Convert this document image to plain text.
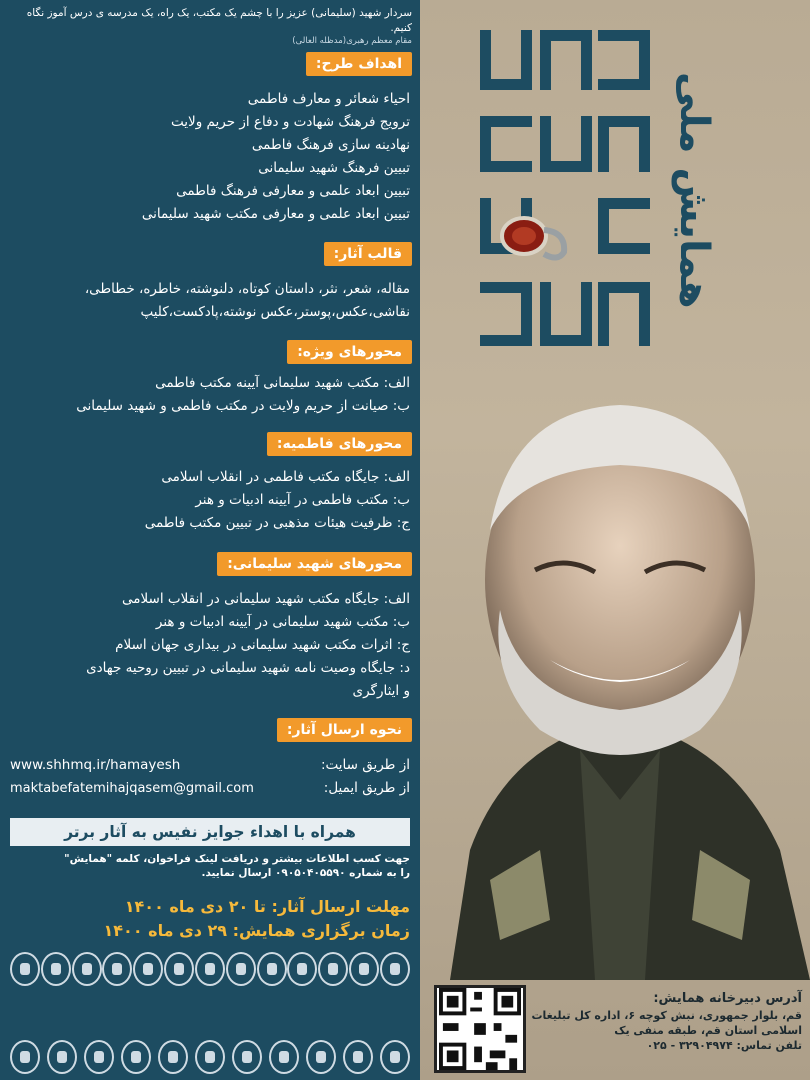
سردار شهید (سلیمانی) عزیز را با چشم یک مکتب، یک راه، یک مدرسه ی درس آموز نگاه کنیم.
مقام معظم رهبری(مدظله العالی)
اهداف طرح:
احیاء شعائر و معارف فاطمی
ترویج فرهنگ شهادت و دفاع از حریم ولایت
نهادینه سازی فرهنگ فاطمی
تبیین فرهنگ شهید سلیمانی
تبیین ابعاد علمی و معارفی فرهنگ فاطمی
تبیین ابعاد علمی و معارفی مکتب شهید سلیمانی
قالب آثار:
مقاله، شعر، نثر، داستان کوتاه، دلنوشته، خاطره، خطاطی،
نقاشی،عکس،پوستر،عکس نوشته،پادکست،کلیپ
محورهای ویژه:
الف: مکتب شهید سلیمانی آیینه مکتب فاطمی
ب: صیانت از حریم ولایت در مکتب فاطمی و شهید سلیمانی
محورهای فاطمیه:
الف: جایگاه مکتب فاطمی در انقلاب اسلامی
ب: مکتب فاطمی در آیینه ادبیات و هنر
ج: ظرفیت هیئات مذهبی در تبیین مکتب فاطمی
محورهای شهید سلیمانی:
الف: جایگاه مکتب شهید سلیمانی در انقلاب اسلامی
ب: مکتب شهید سلیمانی در آیینه ادبیات و هنر
ج: اثرات مکتب شهید سلیمانی در بیداری جهان اسلام
د: جایگاه وصیت نامه شهید سلیمانی در تبیین روحیه جهادی
و ایثارگری
نحوه ارسال آثار:
از طریق سایت:
www.shhmq.ir/hamayesh
از طریق ایمیل:
maktabefatemihajqasem@gmail.com
همراه با اهداء جوایز نفیس به آثار برتر
جهت کسب اطلاعات بیشتر و دریافت لینک فراخوان، کلمه "همایش"
را به شماره ۰۹۰۵۰۴۰۵۵۹۰ ارسال نمایید.
مهلت ارسال آثار: تا ۲۰ دی ماه ۱۴۰۰
زمان برگزاری همایش: ۲۹ دی ماه ۱۴۰۰
همایش ملی
آدرس دبیرخانه همایش:
قم، بلوار جمهوری، نبش کوچه ۶، اداره کل تبلیغات
اسلامی استان قم، طبقه منفی یک
تلفن تماس: ۳۲۹۰۴۹۷۴ - ۰۲۵
